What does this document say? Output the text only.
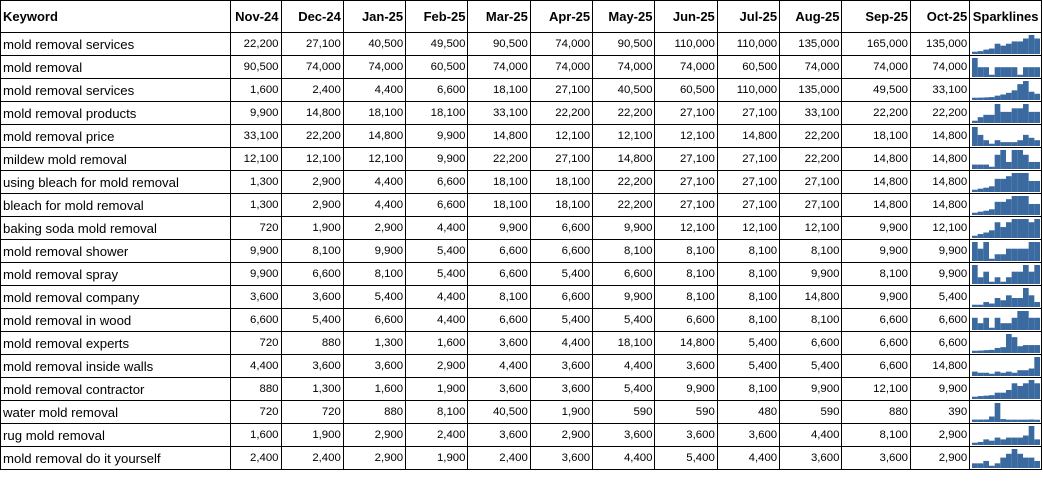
Keyword	Nov-24	Dec-24	Jan-25	Feb-25	Mar-25	Apr-25	May-25	Jun-25	Jul-25	Aug-25	Sep-25	Oct-25	Sparklines
mold removal services	22,200	27,100	40,500	49,500	90,500	74,000	90,500	110,000	110,000	135,000	165,000	135,000	

mold removal	90,500	74,000	74,000	60,500	74,000	74,000	74,000	74,000	60,500	74,000	74,000	74,000	

mold removal services	1,600	2,400	4,400	6,600	18,100	27,100	40,500	60,500	110,000	135,000	49,500	33,100	

mold removal products	9,900	14,800	18,100	18,100	33,100	22,200	22,200	27,100	27,100	33,100	22,200	22,200	

mold removal price	33,100	22,200	14,800	9,900	14,800	12,100	12,100	12,100	14,800	22,200	18,100	14,800	

mildew mold removal	12,100	12,100	12,100	9,900	22,200	27,100	14,800	27,100	27,100	22,200	14,800	14,800	

using bleach for mold removal	1,300	2,900	4,400	6,600	18,100	18,100	22,200	27,100	27,100	27,100	14,800	14,800	

bleach for mold removal	1,300	2,900	4,400	6,600	18,100	18,100	22,200	27,100	27,100	27,100	14,800	14,800	

baking soda mold removal	720	1,900	2,900	4,400	9,900	6,600	9,900	12,100	12,100	12,100	9,900	12,100	

mold removal shower	9,900	8,100	9,900	5,400	6,600	6,600	8,100	8,100	8,100	8,100	9,900	9,900	

mold removal spray	9,900	6,600	8,100	5,400	6,600	5,400	6,600	8,100	8,100	9,900	8,100	9,900	

mold removal company	3,600	3,600	5,400	4,400	8,100	6,600	9,900	8,100	8,100	14,800	9,900	5,400	

mold removal in wood	6,600	5,400	6,600	4,400	6,600	5,400	5,400	6,600	8,100	8,100	6,600	6,600	

mold removal experts	720	880	1,300	1,600	3,600	4,400	18,100	14,800	5,400	6,600	6,600	6,600	

mold removal inside walls	4,400	3,600	3,600	2,900	4,400	3,600	4,400	3,600	5,400	5,400	6,600	14,800	

mold removal contractor	880	1,300	1,600	1,900	3,600	3,600	5,400	9,900	8,100	9,900	12,100	9,900	

water mold removal	720	720	880	8,100	40,500	1,900	590	590	480	590	880	390	

rug mold removal	1,600	1,900	2,900	2,400	3,600	2,900	3,600	3,600	3,600	4,400	8,100	2,900	

mold removal do it yourself	2,400	2,400	2,900	1,900	2,400	3,600	4,400	5,400	4,400	3,600	3,600	2,900	
